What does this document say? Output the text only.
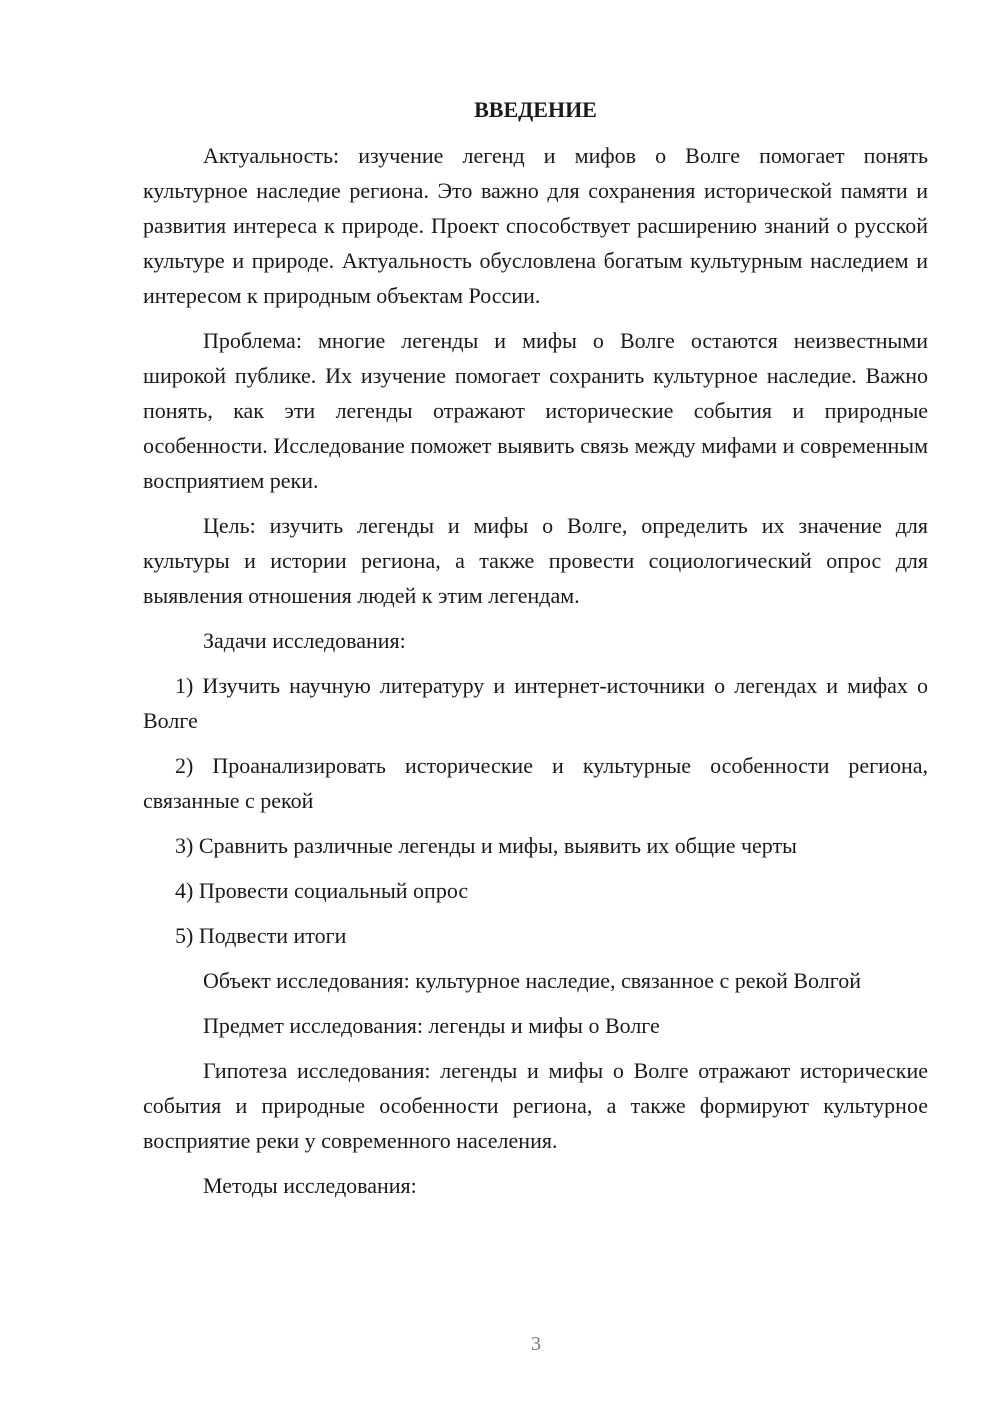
ВВЕДЕНИЕ

Актуальность: изучение легенд и мифов о Волге помогает понять культурное наследие региона. Это важно для сохранения исторической памяти и развития интереса к природе. Проект способствует расширению знаний о русской культуре и природе. Актуальность обусловлена богатым культурным наследием и интересом к природным объектам России.

Проблема: многие легенды и мифы о Волге остаются неизвестными широкой публике. Их изучение помогает сохранить культурное наследие. Важно понять, как эти легенды отражают исторические события и природные особенности. Исследование поможет выявить связь между мифами и современным восприятием реки.

Цель: изучить легенды и мифы о Волге, определить их значение для культуры и истории региона, а также провести социологический опрос для выявления отношения людей к этим легендам.

Задачи исследования:

1) Изучить научную литературу и интернет-источники о легендах и мифах о Волге

2) Проанализировать исторические и культурные особенности региона, связанные с рекой

3) Сравнить различные легенды и мифы, выявить их общие черты

4) Провести социальный опрос

5) Подвести итоги

Объект исследования: культурное наследие, связанное с рекой Волгой

Предмет исследования: легенды и мифы о Волге

Гипотеза исследования: легенды и мифы о Волге отражают исторические события и природные особенности региона, а также формируют культурное восприятие реки у современного населения.

Методы исследования:

3
